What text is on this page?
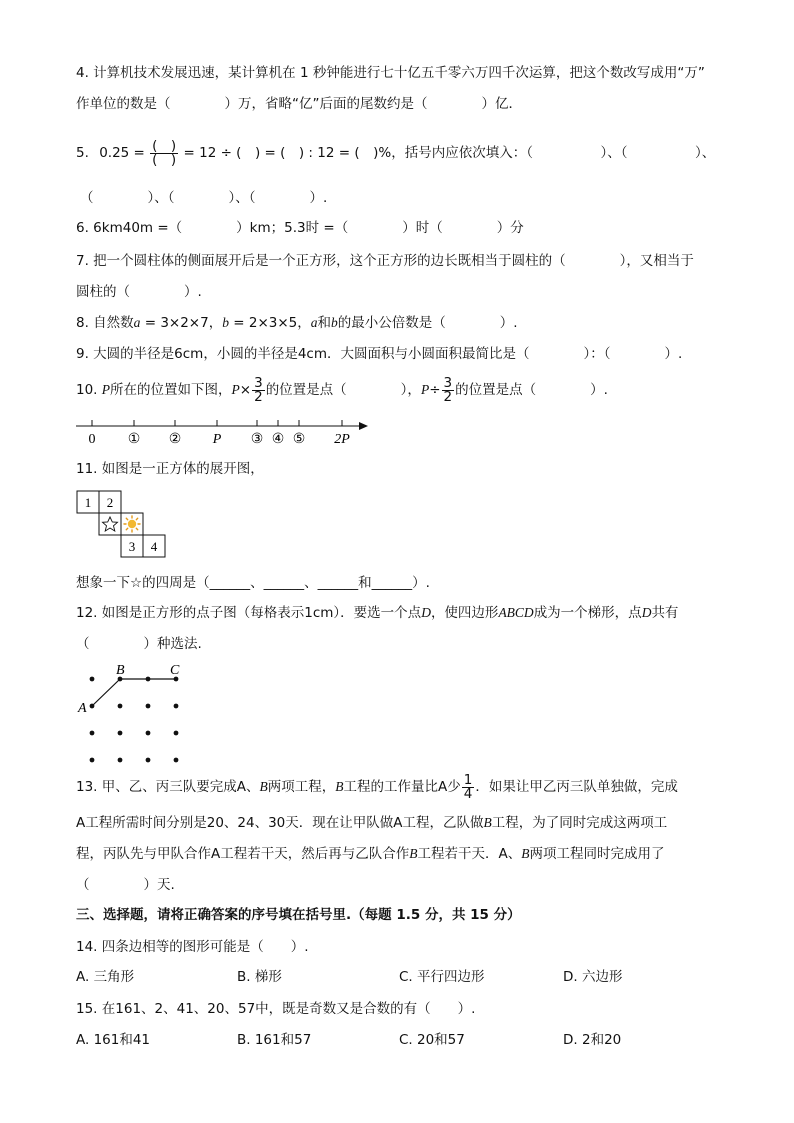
4. 计算机技术发展迅速，某计算机在 1 秒钟能进行七十亿五千零六万四千次运算，把这个数改写成用“万”
作单位的数是（　　　　）万，省略“亿”后面的尾数约是（　　　　）亿．
5. $0.25 = \frac{( )}{( )} = 12$ ÷ (　) = (　) : 12 = (　)%，括号内应依次填入：（　　　　　）、（　　　　　）、
（　　　　）、（　　　　）、（　　　　）.
6. 6km40m =（　　　　）km；5.3时 =（　　　　）时（　　　　）分
7. 把一个圆柱体的侧面展开后是一个正方形，这个正方形的边长既相当于圆柱的（　　　　），又相当于
圆柱的（　　　　）.
8. 自然数a = 3×2×7，b = 2×3×5，a和b的最小公倍数是（　　　　）.
9. 大圆的半径是6cm，小圆的半径是4cm．大圆面积与小圆面积最简比是（　　　　）：（　　　　）.
10. P所在的位置如下图，$P\times \frac{3}{2}$ 的位置是点（　　　　），$P\div \frac{3}{2}$ 的位置是点（　　　　）.
0 ① ② P ③ ④ ⑤ 2P
11. 如图是一正方体的展开图，
1 2
3 4
想象一下☆的四周是（______、______、______和______）.
12. 如图是正方形的点子图（每格表示1cm）．要选一个点D，使四边形ABCD成为一个梯形，点D共有
（　　　　）种选法.
A
B	C
13. 甲、乙、丙三队要完成A、B两项工程，B工程的工作量比A少 $\frac{1}{4}$ ．如果让甲乙丙三队单独做，完成
A工程所需时间分别是20、24、30天．现在让甲队做A工程，乙队做B工程，为了同时完成这两项工
程，丙队先与甲队合作A工程若干天，然后再与乙队合作B工程若干天．A、B两项工程同时完成用了
（　　　　）天.
三、选择题，请将正确答案的序号填在括号里.（每题 1.5 分，共 15 分）
14. 四条边相等的图形可能是（　　）.
A. 三角形	B. 梯形	C. 平行四边形	D. 六边形
15. 在161、2、41、20、57中，既是奇数又是合数的有（　　）.
A. 161和41	B. 161和57	C. 20和57	D. 2和20
